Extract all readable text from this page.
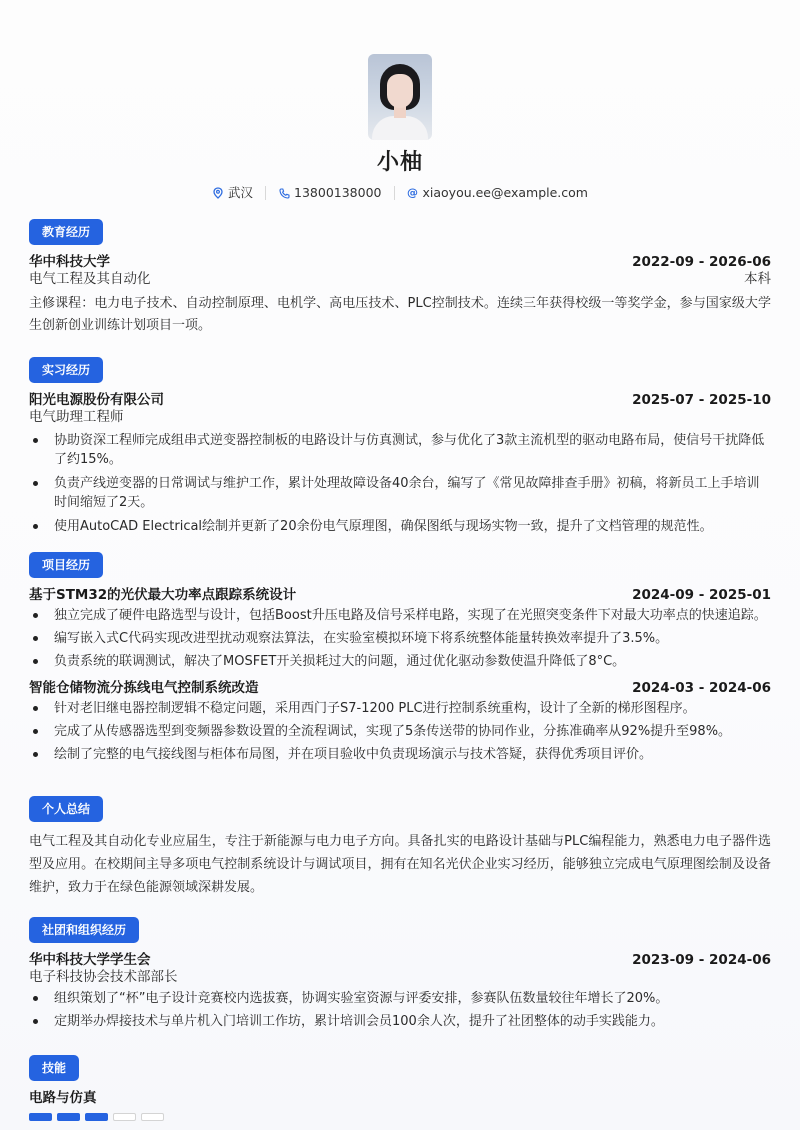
小柚
武汉	13800138000 @ xiaoyou.ee@example.com
教育经历
华中科技大学	2022-09 - 2026-06
电气工程及其自动化	本科
主修课程：电力电子技术、自动控制原理、电机学、高电压技术、PLC控制技术。连续三年获得校级一等奖学金，参与国家级大学生创新创业训练计划项目一项。
实习经历
阳光电源股份有限公司	2025-07 - 2025-10
电气助理工程师
协助资深工程师完成组串式逆变器控制板的电路设计与仿真测试，参与优化了3款主流机型的驱动电路布局，使信号干扰降低了约15%。
负责产线逆变器的日常调试与维护工作，累计处理故障设备40余台，编写了《常见故障排查手册》初稿，将新员工上手培训时间缩短了2天。
使用AutoCAD Electrical绘制并更新了20余份电气原理图，确保图纸与现场实物一致，提升了文档管理的规范性。
项目经历
基于STM32的光伏最大功率点跟踪系统设计	2024-09 - 2025-01
独立完成了硬件电路选型与设计，包括Boost升压电路及信号采样电路，实现了在光照突变条件下对最大功率点的快速追踪。
编写嵌入式C代码实现改进型扰动观察法算法，在实验室模拟环境下将系统整体能量转换效率提升了3.5%。
负责系统的联调测试，解决了MOSFET开关损耗过大的问题，通过优化驱动参数使温升降低了8°C。
智能仓储物流分拣线电气控制系统改造	2024-03 - 2024-06
针对老旧继电器控制逻辑不稳定问题，采用西门子S7-1200 PLC进行控制系统重构，设计了全新的梯形图程序。
完成了从传感器选型到变频器参数设置的全流程调试，实现了5条传送带的协同作业，分拣准确率从92%提升至98%。
绘制了完整的电气接线图与柜体布局图，并在项目验收中负责现场演示与技术答疑，获得优秀项目评价。
个人总结
电气工程及其自动化专业应届生，专注于新能源与电力电子方向。具备扎实的电路设计基础与PLC编程能力，熟悉电力电子器件选型及应用。在校期间主导多项电气控制系统设计与调试项目，拥有在知名光伏企业实习经历，能够独立完成电气原理图绘制及设备维护，致力于在绿色能源领域深耕发展。
社团和组织经历
华中科技大学学生会	2023-09 - 2024-06
电子科技协会技术部部长
组织策划了“杯”电子设计竞赛校内选拔赛，协调实验室资源与评委安排，参赛队伍数量较往年增长了20%。
定期举办焊接技术与单片机入门培训工作坊，累计培训会员100余人次，提升了社团整体的动手实践能力。
技能
电路与仿真
